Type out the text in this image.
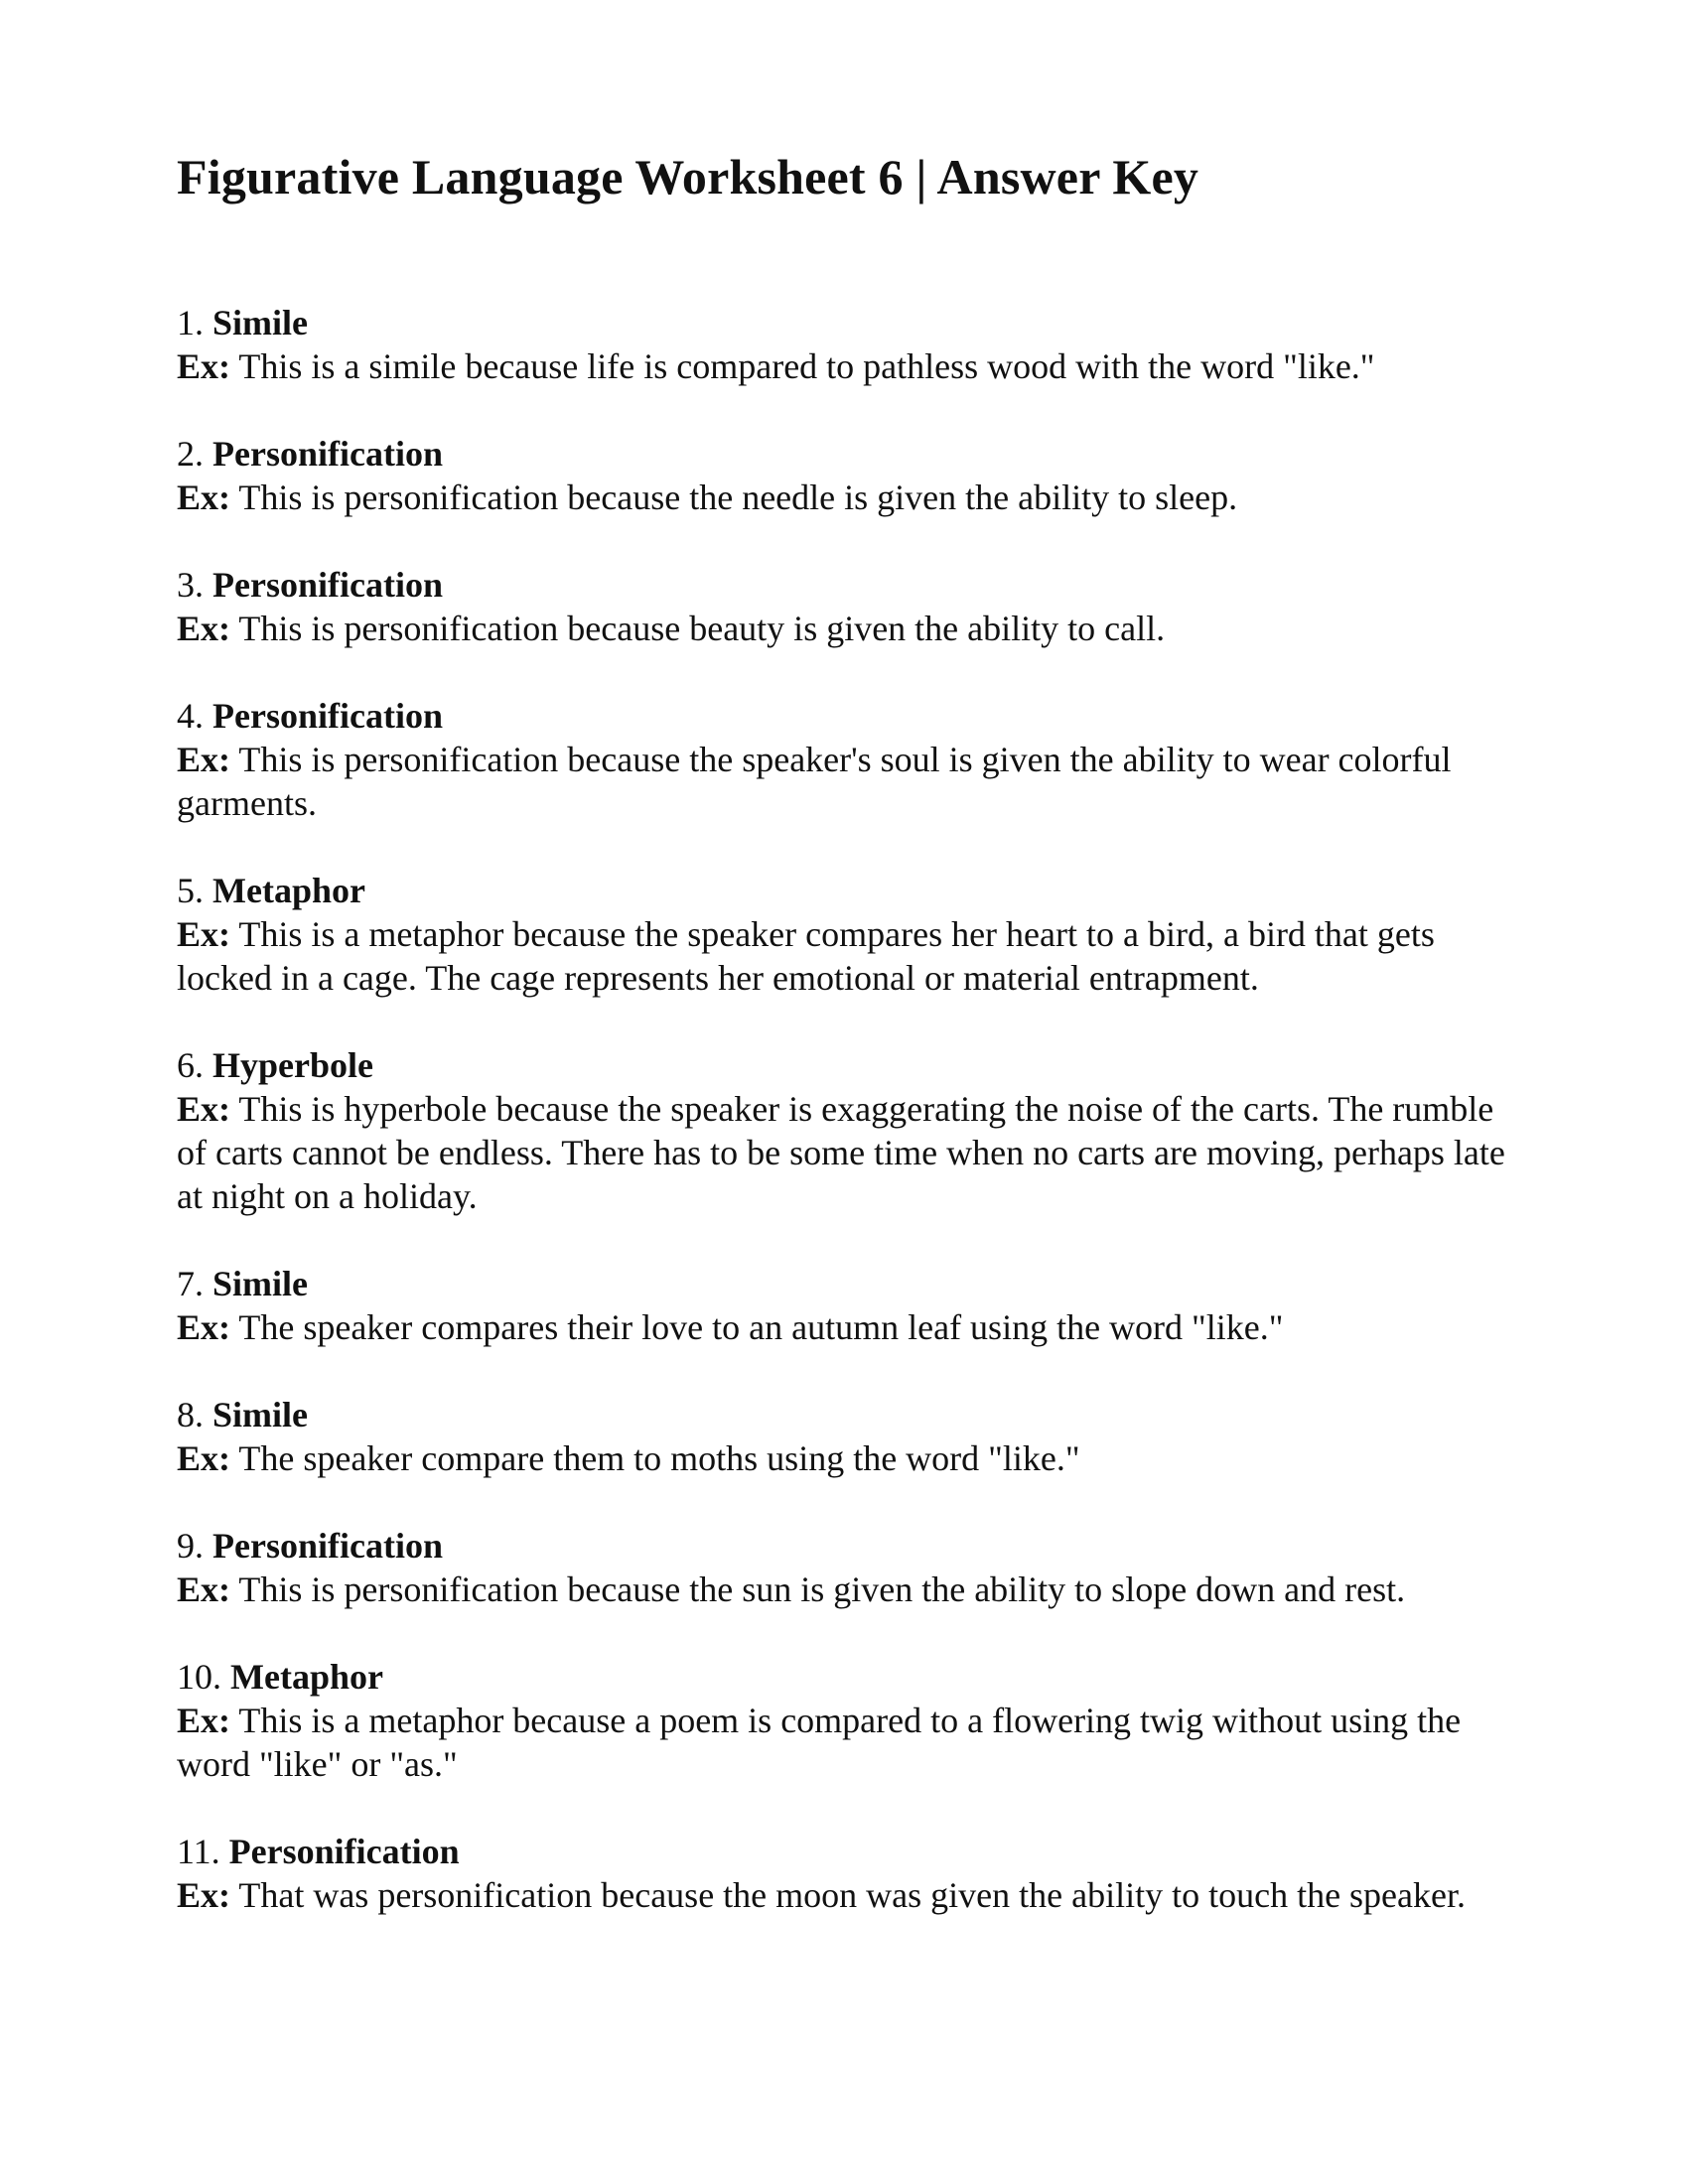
Figurative Language Worksheet 6 | Answer Key
1. Simile
Ex: This is a simile because life is compared to pathless wood with the word "like."
2. Personification
Ex: This is personification because the needle is given the ability to sleep.
3. Personification
Ex: This is personification because beauty is given the ability to call.
4. Personification
Ex: This is personification because the speaker's soul is given the ability to wear colorful garments.
5. Metaphor
Ex: This is a metaphor because the speaker compares her heart to a bird, a bird that gets locked in a cage. The cage represents her emotional or material entrapment.
6. Hyperbole
Ex: This is hyperbole because the speaker is exaggerating the noise of the carts. The rumble of carts cannot be endless. There has to be some time when no carts are moving, perhaps late at night on a holiday.
7. Simile
Ex: The speaker compares their love to an autumn leaf using the word "like."
8. Simile
Ex: The speaker compare them to moths using the word "like."
9. Personification
Ex: This is personification because the sun is given the ability to slope down and rest.
10. Metaphor
Ex: This is a metaphor because a poem is compared to a flowering twig without using the word "like" or "as."
11. Personification
Ex: That was personification because the moon was given the ability to touch the speaker.
